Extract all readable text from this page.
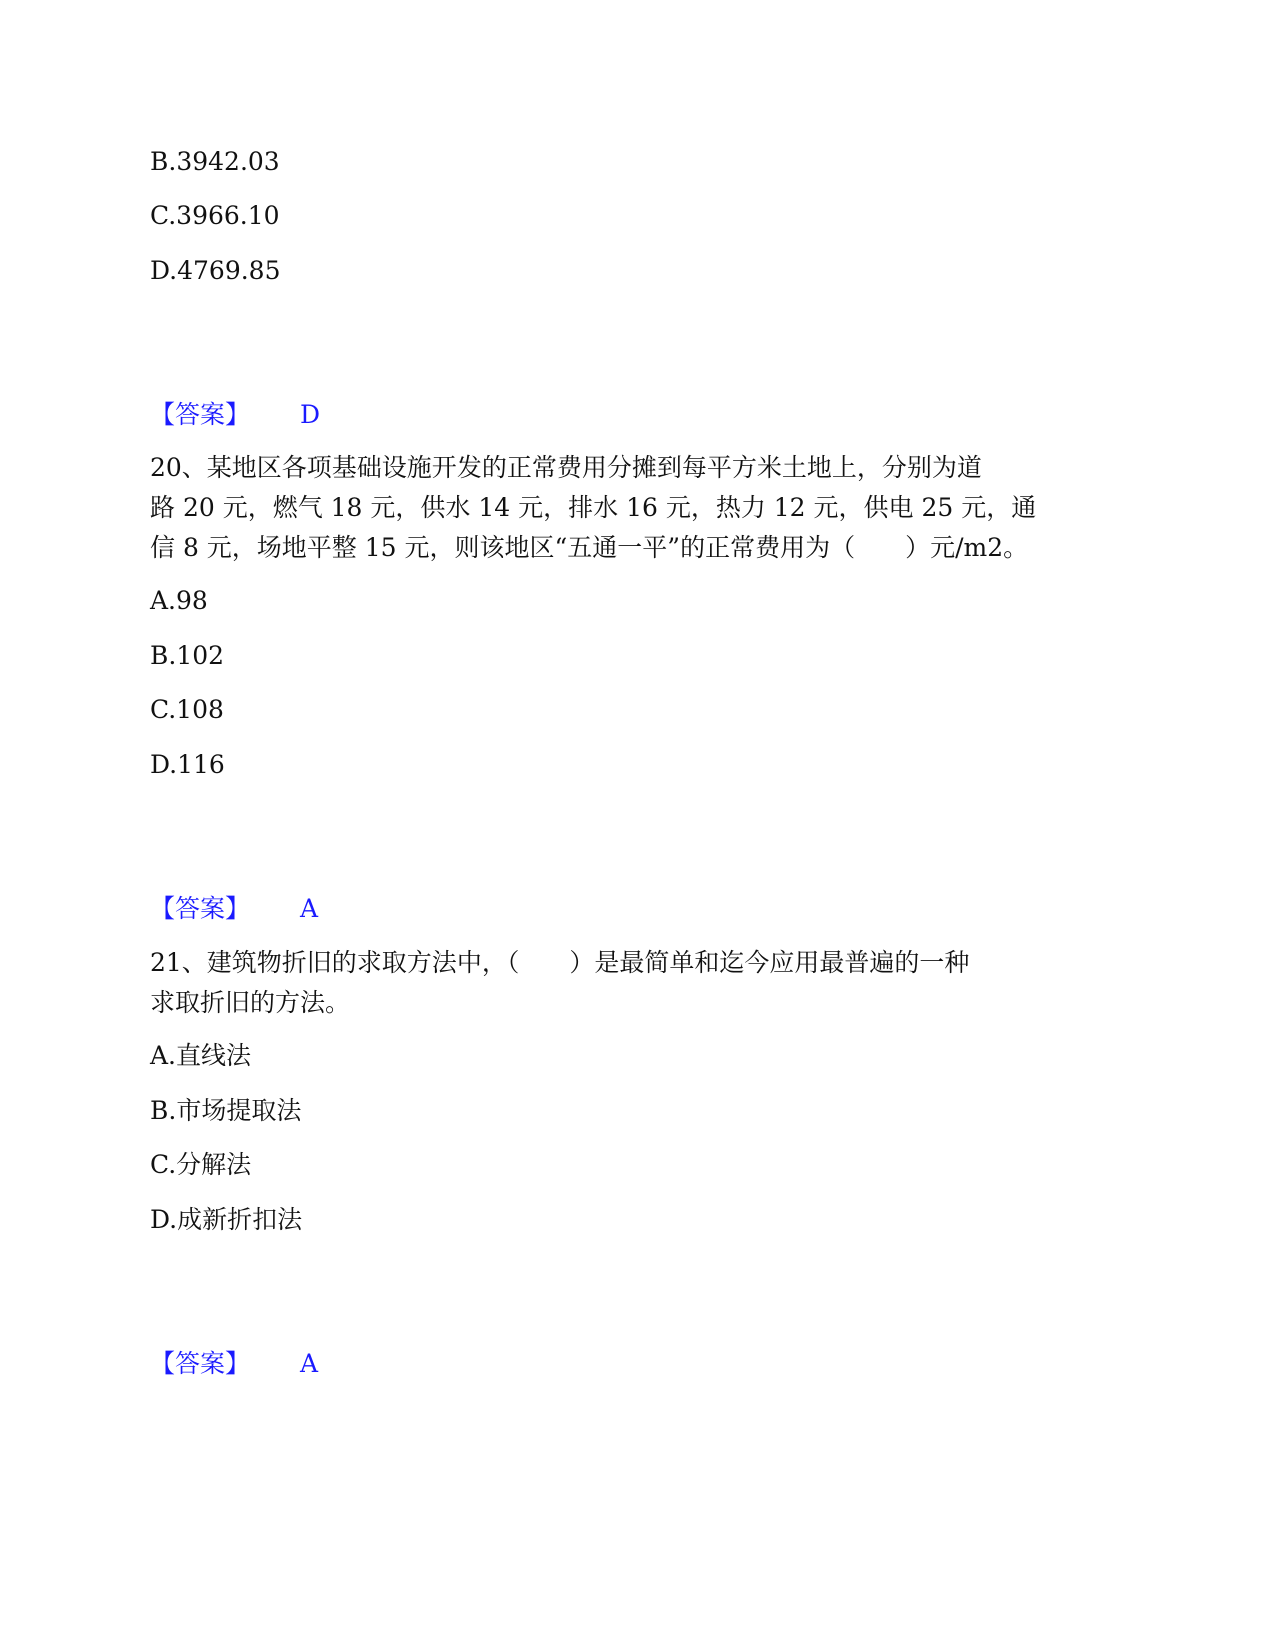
B.3942.03
C.3966.10
D.4769.85
【答案】 D
20、某地区各项基础设施开发的正常费用分摊到每平方米土地上，分别为道
路 20 元，燃气 18 元，供水 14 元，排水 16 元，热力 12 元，供电 25 元，通
信 8 元，场地平整 15 元，则该地区“五通一平”的正常费用为（　　）元/m2。
A.98
B.102
C.108
D.116
【答案】 A
21、建筑物折旧的求取方法中，（　　）是最简单和迄今应用最普遍的一种
求取折旧的方法。
A.直线法
B.市场提取法
C.分解法
D.成新折扣法
【答案】 A
